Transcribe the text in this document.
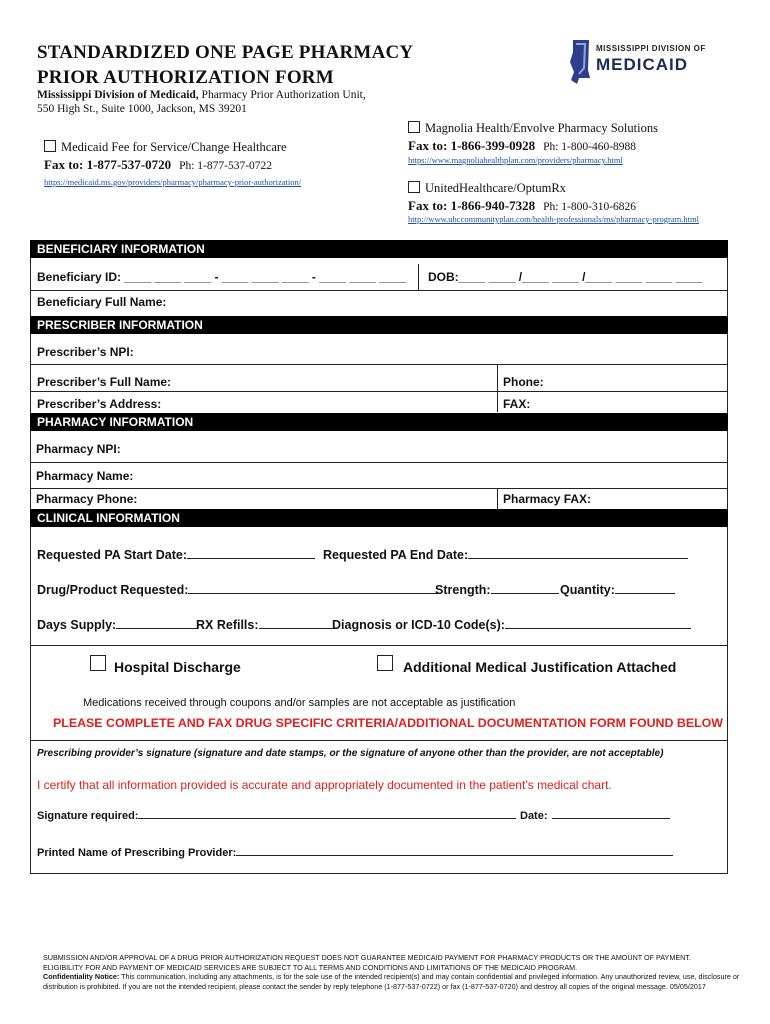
STANDARDIZED ONE PAGE PHARMACY
PRIOR AUTHORIZATION FORM
Mississippi Division of Medicaid, Pharmacy Prior Authorization Unit,
550 High St., Suite 1000, Jackson, MS 39201
MISSISSIPPI DIVISION OF
MEDICAID
Medicaid Fee for Service/Change Healthcare
Fax to: 1-877-537-0720 Ph: 1-877-537-0722
https://medicaid.ms.gov/providers/pharmacy/pharmacy-prior-authorization/
Magnolia Health/Envolve Pharmacy Solutions
Fax to: 1-866-399-0928 Ph: 1-800-460-8988
https://www.magnoliahealthplan.com/providers/pharmacy.html
UnitedHealthcare/OptumRx
Fax to: 1-866-940-7328 Ph: 1-800-310-6826
http://www.uhccommunityplan.com/health-professionals/ms/pharmacy-program.html
BENEFICIARY INFORMATION
Beneficiary ID: ____ ____ ____ - ____ ____ ____ - ____ ____ ____ DOB:____ ____ /____ ____ /____ ____ ____ ____
Beneficiary Full Name:
PRESCRIBER INFORMATION
Prescriber’s NPI:
Prescriber’s Full Name:	Phone:
Prescriber’s Address:	FAX:
PHARMACY INFORMATION
Pharmacy NPI:
Pharmacy Name:
Pharmacy Phone:	Pharmacy FAX:
CLINICAL INFORMATION
Requested PA Start Date:	Requested PA End Date:
Drug/Product Requested:	Strength:	Quantity:
Days Supply:	RX Refills:	Diagnosis or ICD-10 Code(s):
Hospital Discharge	Additional Medical Justification Attached
Medications received through coupons and/or samples are not acceptable as justification
PLEASE COMPLETE AND FAX DRUG SPECIFIC CRITERIA/ADDITIONAL DOCUMENTATION FORM FOUND BELOW
Prescribing provider’s signature (signature and date stamps, or the signature of anyone other than the provider, are not acceptable)
I certify that all information provided is accurate and appropriately documented in the patient’s medical chart.
Signature required:	Date:
Printed Name of Prescribing Provider:
SUBMISSION AND/OR APPROVAL OF A DRUG PRIOR AUTHORIZATION REQUEST DOES NOT GUARANTEE MEDICAID PAYMENT FOR PHARMACY PRODUCTS OR THE AMOUNT OF PAYMENT.
ELIGIBILITY FOR AND PAYMENT OF MEDICAID SERVICES ARE SUBJECT TO ALL TERMS AND CONDITIONS AND LIMITATIONS OF THE MEDICAID PROGRAM.
Confidentiality Notice: This communication, including any attachments, is for the sole use of the intended recipient(s) and may contain confidential and privileged information. Any unauthorized review, use, disclosure or distribution is prohibited. If you are not the intended recipient, please contact the sender by reply telephone (1-877-537-0722) or fax (1-877-537-0720) and destroy all copies of the original message. 05/05/2017
